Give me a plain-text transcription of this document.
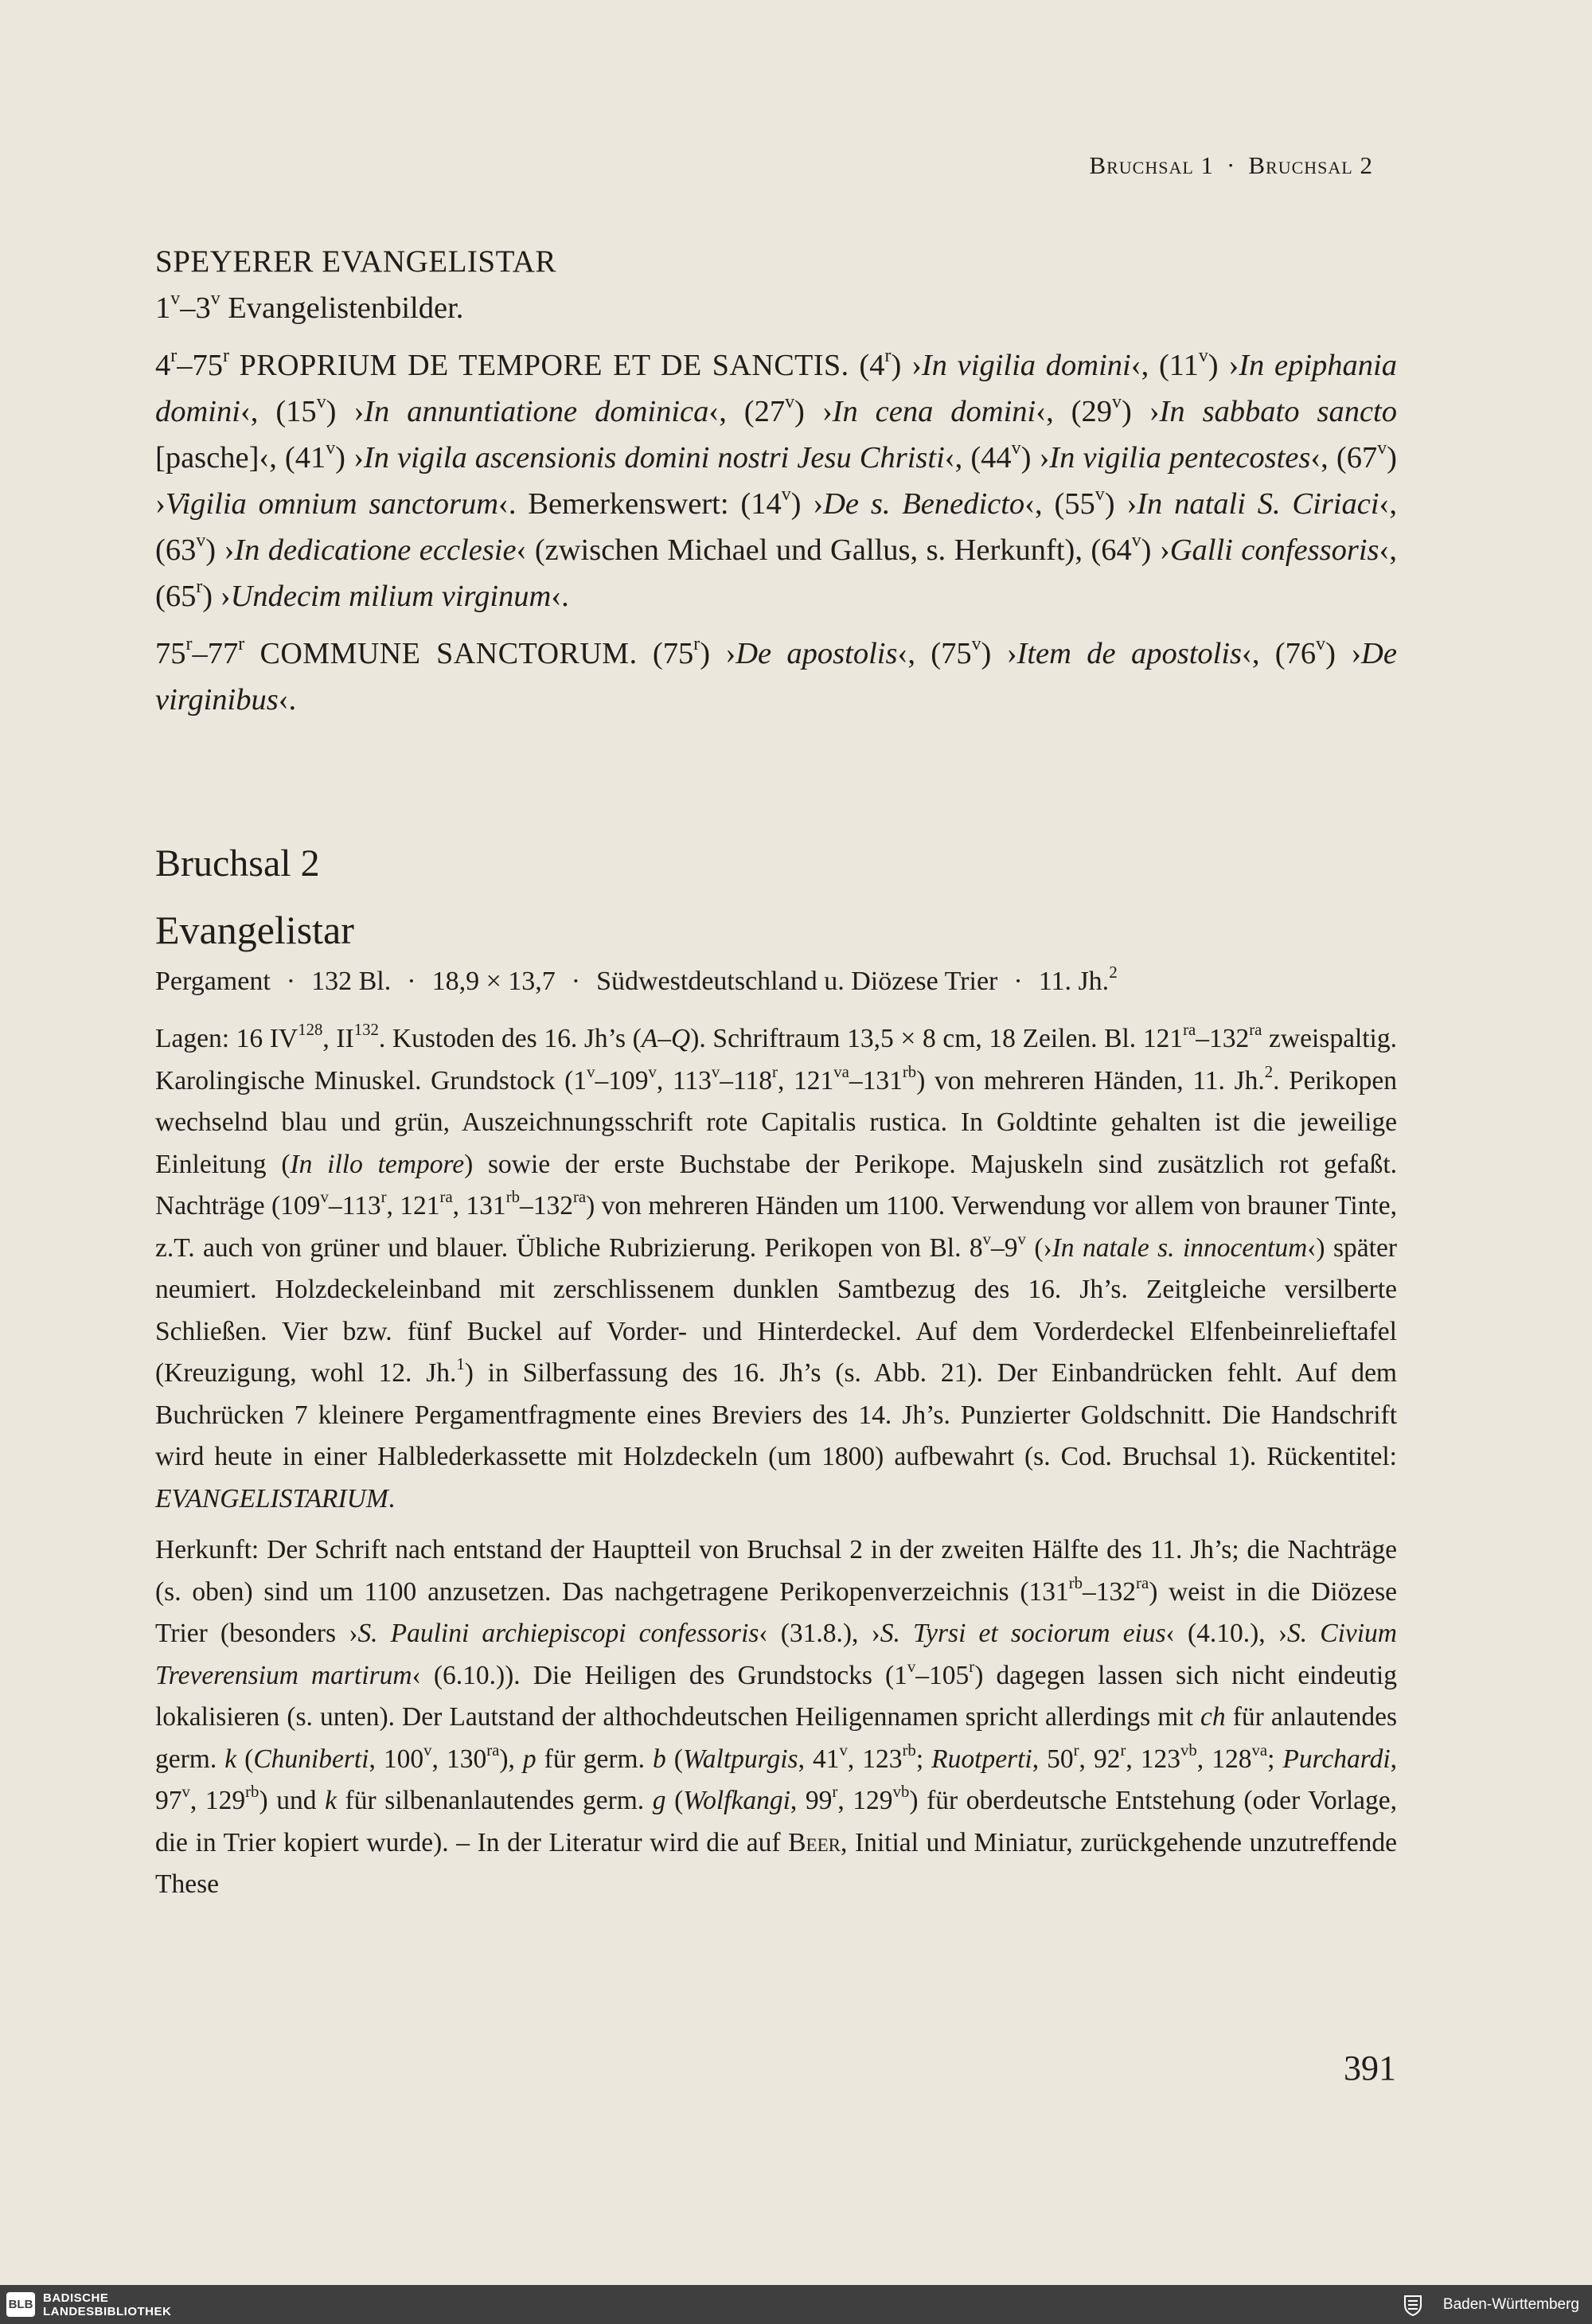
Bruchsal 1 · Bruchsal 2

SPEYERER EVANGELISTAR

1$^v$–3$^v$ Evangelistenbilder.

4$^r$–75$^r$ PROPRIUM DE TEMPORE ET DE SANCTIS. (4$^r$) ›In vigilia domini‹, (11$^v$) ›In epiphania domini‹, (15$^v$) ›In annuntiatione dominica‹, (27$^v$) ›In cena domini‹, (29$^v$) ›In sabbato sancto [pasche]‹, (41$^v$) ›In vigila ascensionis domini nostri Jesu Christi‹, (44$^v$) ›In vigilia pentecostes‹, (67$^v$) ›Vigilia omnium sanctorum‹. Bemerkenswert: (14$^v$) ›De s. Benedicto‹, (55$^v$) ›In natali S. Ciriaci‹, (63$^v$) ›In dedicatione ecclesie‹ (zwischen Michael und Gallus, s. Herkunft), (64$^v$) ›Galli confessoris‹, (65$^r$) ›Undecim milium virginum‹.

75$^r$–77$^r$ COMMUNE SANCTORUM. (75$^r$) ›De apostolis‹, (75$^v$) ›Item de apostolis‹, (76$^v$) ›De virginibus‹.

Bruchsal 2

Evangelistar

Pergament · 132 Bl. · 18,9 × 13,7 · Südwestdeutschland u. Diözese Trier · 11. Jh.$^2$

Lagen: 16 IV$^{128}$, II$^{132}$. Kustoden des 16. Jh’s (A–Q). Schriftraum 13,5 × 8 cm, 18 Zeilen. Bl. $121^{ra}-132^{ra}$ zweispaltig. Karolingische Minuskel. Grundstock (1$^v$–109$^v$, 113$^v$–118$^r$, $121^{va}-131^{rb}$) von mehreren Händen, 11. Jh.$^2$. Perikopen wechselnd blau und grün, Auszeichnungsschrift rote Capitalis rustica. In Goldtinte gehalten ist die jeweilige Einleitung (In illo tempore) sowie der erste Buchstabe der Perikope. Majuskeln sind zusätzlich rot gefaßt. Nachträge (109$^v$–113$^r$, $121^{ra}$, $131^{rb}-132^{ra}$) von mehreren Händen um 1100. Verwendung vor allem von brauner Tinte, z.T. auch von grüner und blauer. Übliche Rubrizierung. Perikopen von Bl. 8$^v$–9$^v$ (›In natale s. innocentum‹) später neumiert. Holzdeckeleinband mit zerschlissenem dunklen Samtbezug des 16. Jh’s. Zeitgleiche versilberte Schließen. Vier bzw. fünf Buckel auf Vorder- und Hinterdeckel. Auf dem Vorderdeckel Elfenbeinrelieftafel (Kreuzigung, wohl 12. Jh.$^1$) in Silberfassung des 16. Jh’s (s. Abb. 21). Der Einbandrücken fehlt. Auf dem Buchrücken 7 kleinere Pergamentfragmente eines Breviers des 14. Jh’s. Punzierter Goldschnitt. Die Handschrift wird heute in einer Halblederkassette mit Holzdeckeln (um 1800) aufbewahrt (s. Cod. Bruchsal 1). Rückentitel: EVANGELISTARIUM.

Herkunft: Der Schrift nach entstand der Hauptteil von Bruchsal 2 in der zweiten Hälfte des 11. Jh’s; die Nachträge (s. oben) sind um 1100 anzusetzen. Das nachgetragene Perikopenverzeichnis $(131^{rb}-132^{ra})$ weist in die Diözese Trier (besonders ›S. Paulini archiepiscopi confessoris‹ (31.8.), ›S. Tyrsi et sociorum eius‹ (4.10.), ›S. Civium Treverensium martirum‹ (6.10.)). Die Heiligen des Grundstocks (1$^v$–105$^r$) dagegen lassen sich nicht eindeutig lokalisieren (s. unten). Der Lautstand der althochdeutschen Heiligennamen spricht allerdings mit ch für anlautendes germ. k (Chuniberti, 100$^v$, $130^{ra}$), p für germ. b (Waltpurgis, 41$^v$, $123^{rb}$; Ruotperti, 50$^r$, 92$^r$, $123^{vb}$, $128^{va}$; Purchardi, 97$^v$, $129^{rb}$) und k für silbenanlautendes germ. g (Wolfkangi, 99$^r$, $129^{vb}$) für oberdeutsche Entstehung (oder Vorlage, die in Trier kopiert wurde). – In der Literatur wird die auf Beer, Initial und Miniatur, zurückgehende unzutreffende These

391
BLB BADISCHE
LANDESBIBLIOTHEK	Baden-Württemberg
